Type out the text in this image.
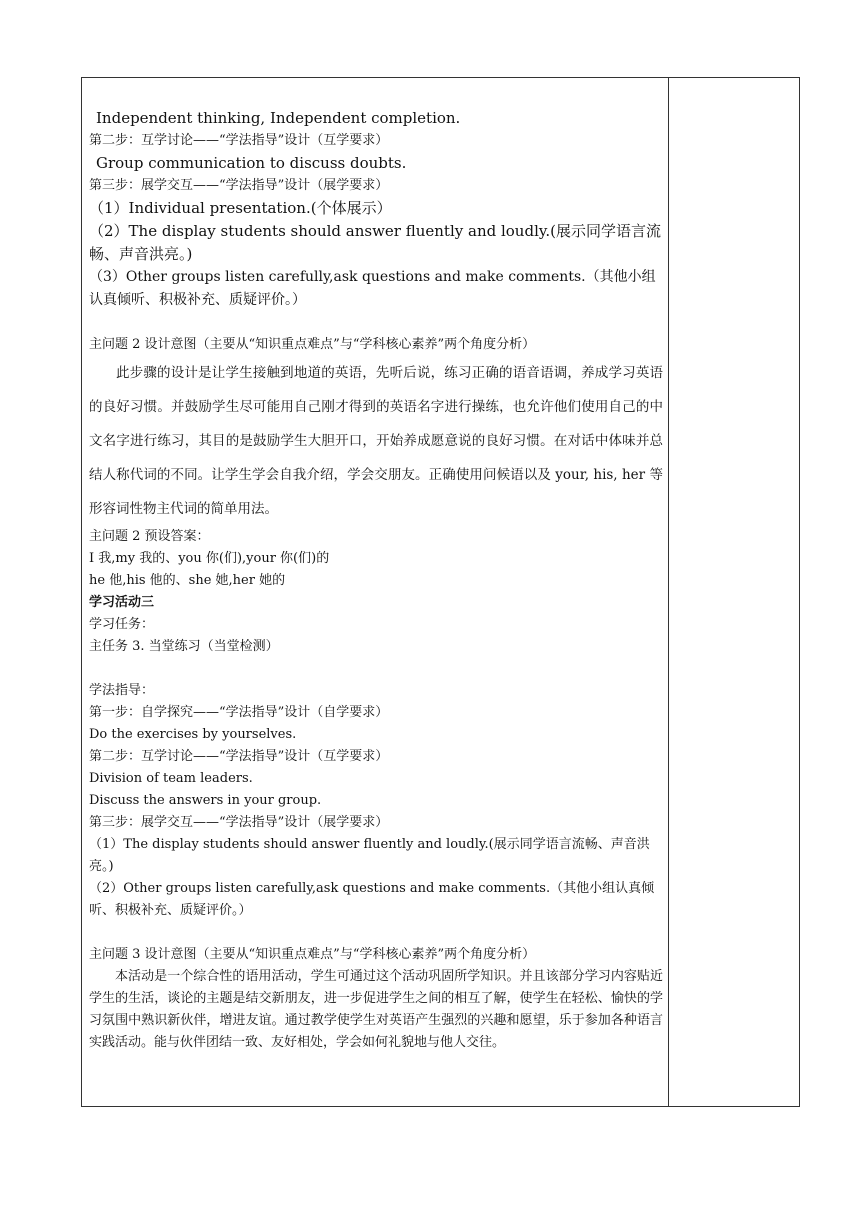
Independent thinking, Independent completion.
第二步：互学讨论——“学法指导”设计（互学要求）
Group communication to discuss doubts.
第三步：展学交互——“学法指导”设计（展学要求）
（1）Individual presentation.(个体展示）
（2）The display students should answer fluently and loudly.(展示同学语言流畅、声音洪亮。)
（3）Other groups listen carefully,ask questions and make comments.（其他小组认真倾听、积极补充、质疑评价。）
主问题 2 设计意图（主要从“知识重点难点”与“学科核心素养”两个角度分析）
此步骤的设计是让学生接触到地道的英语，先听后说，练习正确的语音语调，养成学习英语的良好习惯。并鼓励学生尽可能用自己刚才得到的英语名字进行操练，也允许他们使用自己的中文名字进行练习，其目的是鼓励学生大胆开口，开始养成愿意说的良好习惯。在对话中体味并总结人称代词的不同。让学生学会自我介绍，学会交朋友。正确使用问候语以及 your, his, her 等形容词性物主代词的简单用法。
主问题 2 预设答案：
I 我,my 我的、you 你(们),your 你(们)的
he 他,his 他的、she 她,her 她的
学习活动三
学习任务：
主任务 3. 当堂练习（当堂检测）
学法指导：
第一步：自学探究——“学法指导”设计（自学要求）
Do the exercises by yourselves.
第二步：互学讨论——“学法指导”设计（互学要求）
Division of team leaders.
Discuss the answers in your group.
第三步：展学交互——“学法指导”设计（展学要求）
（1）The display students should answer fluently and loudly.(展示同学语言流畅、声音洪亮。)
（2）Other groups listen carefully,ask questions and make comments.（其他小组认真倾听、积极补充、质疑评价。）
主问题 3 设计意图（主要从“知识重点难点”与“学科核心素养”两个角度分析）
本活动是一个综合性的语用活动，学生可通过这个活动巩固所学知识。并且该部分学习内容贴近学生的生活，谈论的主题是结交新朋友，进一步促进学生之间的相互了解，使学生在轻松、愉快的学习氛围中熟识新伙伴，增进友谊。通过教学使学生对英语产生强烈的兴趣和愿望，乐于参加各种语言实践活动。能与伙伴团结一致、友好相处，学会如何礼貌地与他人交往。
